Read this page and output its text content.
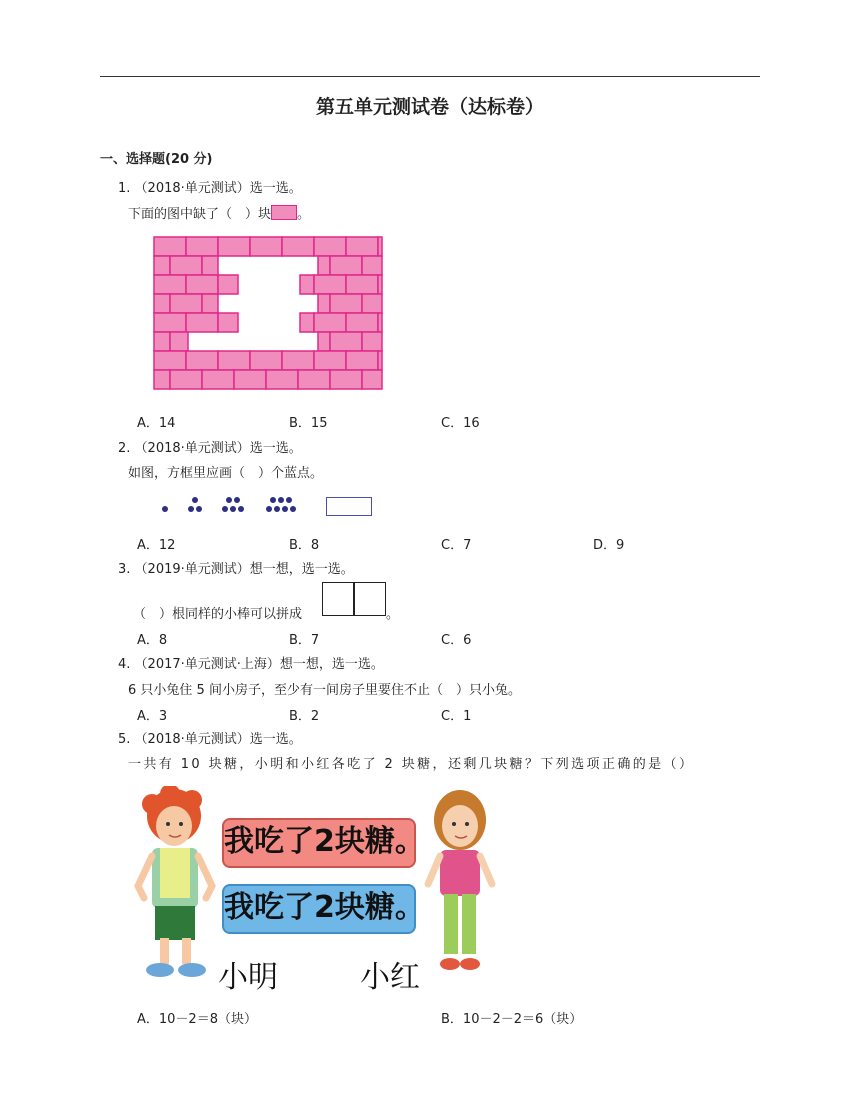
第五单元测试卷（达标卷）
一、选择题(20 分)
1. （2018·单元测试）选一选。
下面的图中缺了（　）块 。
A．14	B．15	C．16
2. （2018·单元测试）选一选。
如图，方框里应画（　）个蓝点。
A．12	B．8	C．7	D．9
3. （2019·单元测试）想一想，选一选。
（　）根同样的小棒可以拼成	。
A．8	B．7	C．6
4. （2017·单元测试·上海）想一想，选一选。
6 只小兔住 5 间小房子，至少有一间房子里要住不止（　）只小兔。
A．3	B．2	C．1
5. （2018·单元测试）选一选。
一共有 10 块糖，小明和小红各吃了 2 块糖，还剩几块糖？下列选项正确的是（）
我吃了2块糖。
我吃了2块糖。
小明	小红
A．10－2＝8（块）	B．10－2－2＝6（块）
